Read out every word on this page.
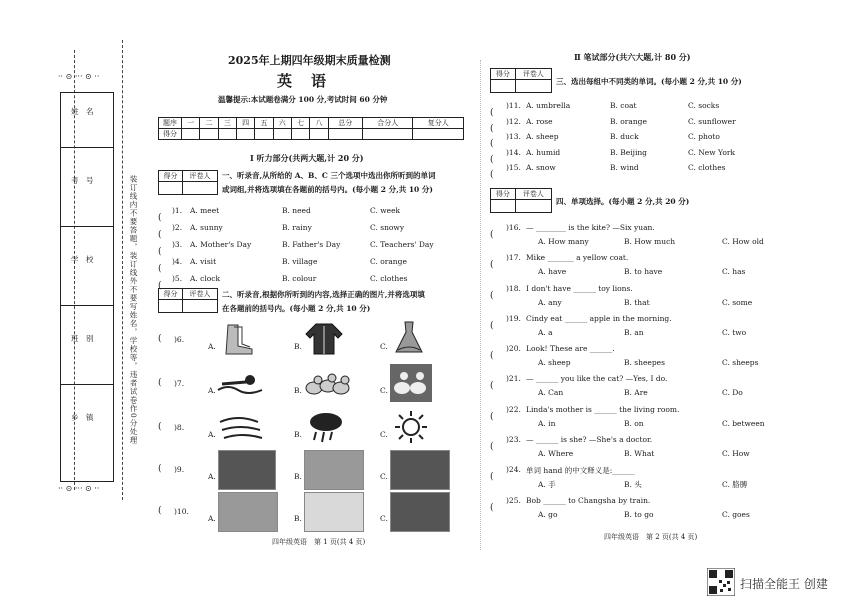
·· ⊙ ··· ⊙ ··
·· ⊙ ··· ⊙ ··
装订线内不要答题，装订线外不要写姓名，学校等，违者试卷作0分处理
姓　名
考　号
学　校
班　别
乡　镇
2025年上期四年级期末质量检测
英　语
温馨提示:本试题卷满分 100 分,考试时间 60 分钟
题序	一	二	三	四	五	六	七	八	总分	合分人	复分人
得分											
Ⅰ 听力部分(共两大题,计 20 分)
得分	评卷人
	一、听录音,从所给的 A、B、C 三个选项中选出你所听到的单词
或词组,并将选项填在各题前的括号内。(每小题 2 分,共 10 分)
(
)1. A. meet	B. need	C. week
(
)2. A. sunny	B. rainy	C. snowy
(
)3. A. Mother's Day	B. Father's Day	C. Teachers' Day
(
)4. A. visit	B. village	C. orange
(
)5. A. clock	B. colour	C. clothes
得分	评卷人
	二、听录音,根据你所听到的内容,选择正确的图片,并将选项填
在各题前的括号内。(每小题 2 分,共 10 分)
( )6.
A.	B.	C.
( )7.
A.	B.	C.
( )8.
A.	B.	C.
( )9.
A.	B.	C.
( )10.
A.	B.	C.
四年级英语　第 1 页(共 4 页)
Ⅱ 笔试部分(共六大题,计 80 分)
得分	评卷人

三、选出每组中不同类的单词。(每小题 2 分,共 10 分)
(
)11. A. umbrella	B. coat	C. socks
(
)12. A. rose	B. orange	C. sunflower
(
)13. A. sheep	B. duck	C. photo
(
)14. A. humid	B. Beijing	C. New York
(
)15. A. snow	B. wind	C. clothes
得分	评卷人

四、单项选择。(每小题 2 分,共 20 分)
(
)16. — ________ is the kite? —Six yuan.
A. How many	B. How much	C. How old
(
)17. Mike _______ a yellow coat.
A. have	B. to have	C. has
(
)18. I don't have ______ toy lions.
A. any	B. that	C. some
(
)19. Cindy eat ______ apple in the morning.
A. a	B. an	C. two
(
)20. Look! These are ______.
A. sheep	B. sheepes	C. sheeps
(
)21. — ______ you like the cat? —Yes, I do.
A. Can	B. Are	C. Do
(
)22. Linda's mother is ______ the living room.
A. in	B. on	C. between
(
)23. — ______ is she? —She's a doctor.
A. Where	B. What	C. How
(
)24. 单词 hand 的中文释义是:______
A. 手	B. 头	C. 胳膊
(
)25. Bob ______ to Changsha by train.
A. go	B. to go	C. goes
四年级英语　第 2 页(共 4 页)
扫描全能王 创建
